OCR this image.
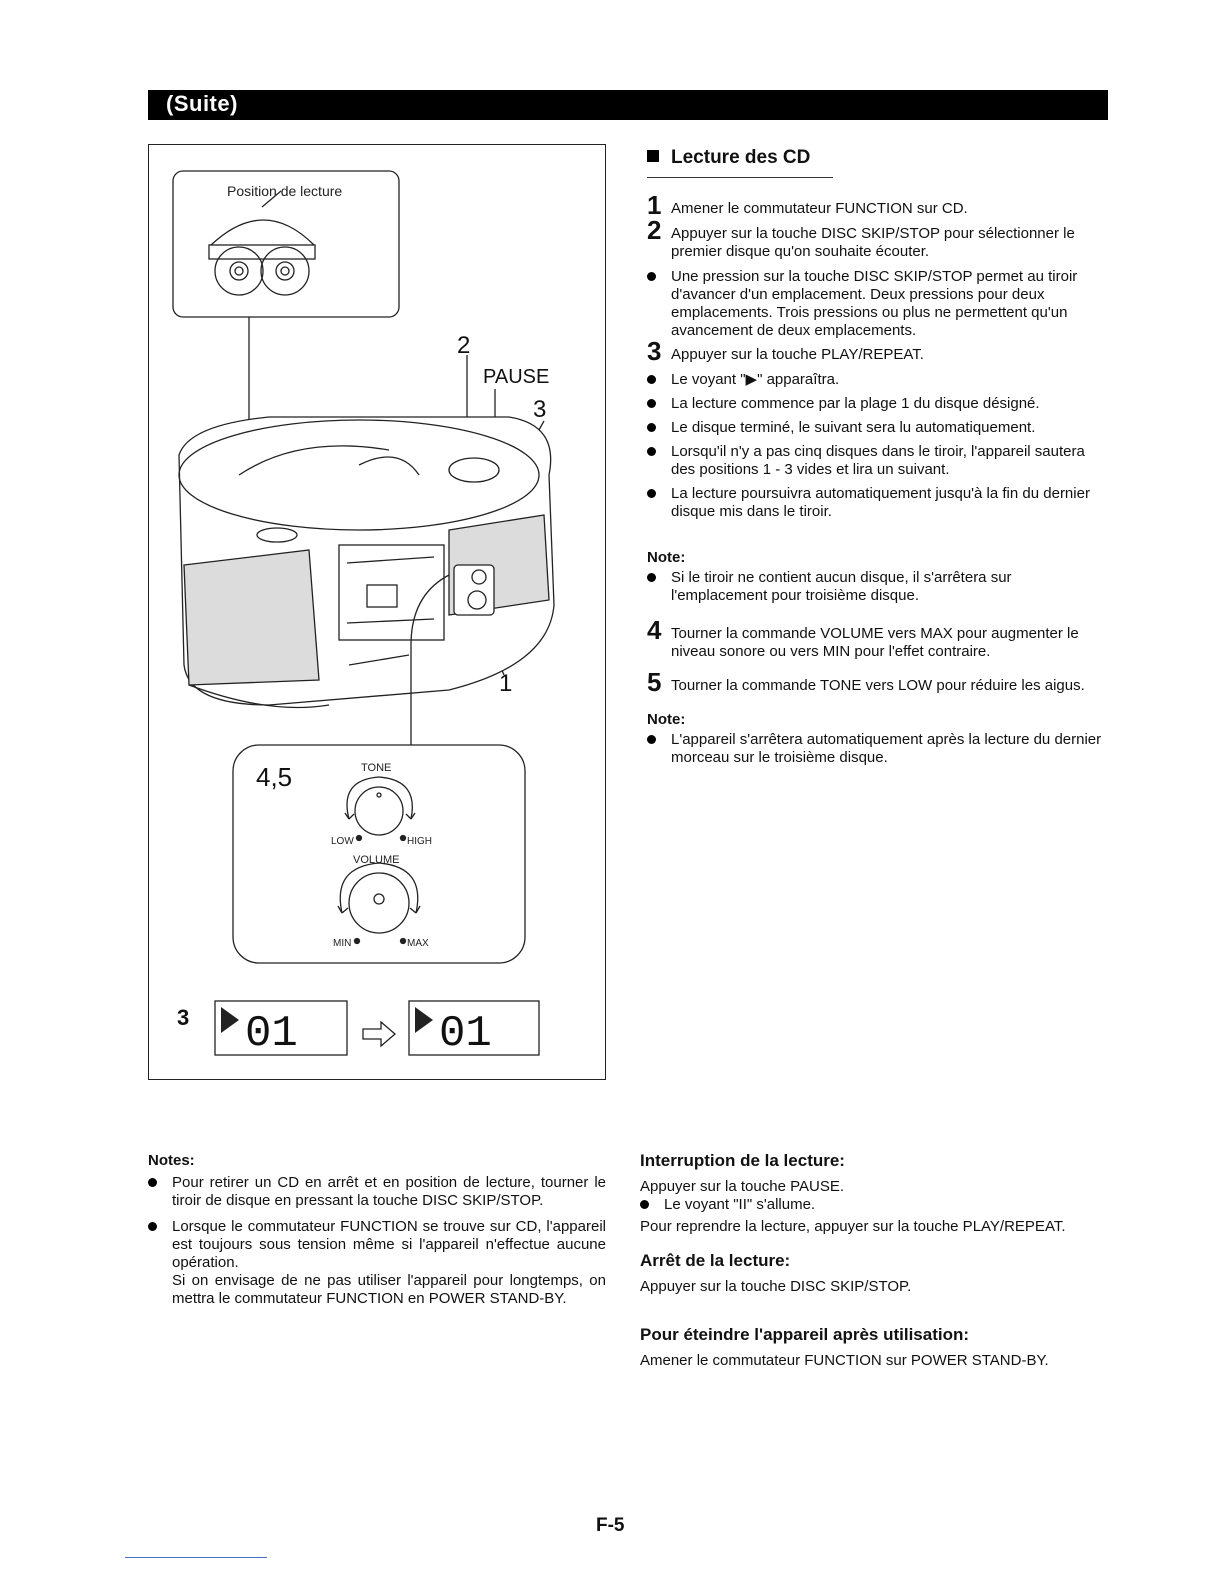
(Suite)
Position de lecture
2
PAUSE
3
1
4,5	TONE
LOW	HIGH
VOLUME
MIN	MAX
3 01	01
Lecture des CD
1 Amener le commutateur FUNCTION sur CD.
2 Appuyer sur la touche DISC SKIP/STOP pour sélectionner le premier disque qu'on souhaite écouter.
Une pression sur la touche DISC SKIP/STOP permet au tiroir d'avancer d'un emplacement. Deux pressions pour deux emplacements. Trois pressions ou plus ne permettent qu'un avancement de deux emplacements.
3 Appuyer sur la touche PLAY/REPEAT.
Le voyant "▶" apparaîtra.
La lecture commence par la plage 1 du disque désigné.
Le disque terminé, le suivant sera lu automatiquement.
Lorsqu'il n'y a pas cinq disques dans le tiroir, l'appareil sautera des positions 1 - 3 vides et lira un suivant.
La lecture poursuivra automatiquement jusqu'à la fin du dernier disque mis dans le tiroir.
Note:
Si le tiroir ne contient aucun disque, il s'arrêtera sur l'emplacement pour troisième disque.
4 Tourner la commande VOLUME vers MAX pour augmenter le niveau sonore ou vers MIN pour l'effet contraire.
5 Tourner la commande TONE vers LOW pour réduire les aigus.
Note:
L'appareil s'arrêtera automatiquement après la lecture du dernier morceau sur le troisième disque.
Notes:
Pour retirer un CD en arrêt et en position de lecture, tourner le tiroir de disque en pressant la touche DISC SKIP/STOP.
Lorsque le commutateur FUNCTION se trouve sur CD, l'appareil est toujours sous tension même si l'appareil n'effectue aucune opération.
Si on envisage de ne pas utiliser l'appareil pour longtemps, on mettra le commutateur FUNCTION en POWER STAND-BY.
Interruption de la lecture:
Appuyer sur la touche PAUSE.
Le voyant "II" s'allume.
Pour reprendre la lecture, appuyer sur la touche PLAY/REPEAT.
Arrêt de la lecture:
Appuyer sur la touche DISC SKIP/STOP.
Pour éteindre l'appareil après utilisation:
Amener le commutateur FUNCTION sur POWER STAND-BY.
F-5
